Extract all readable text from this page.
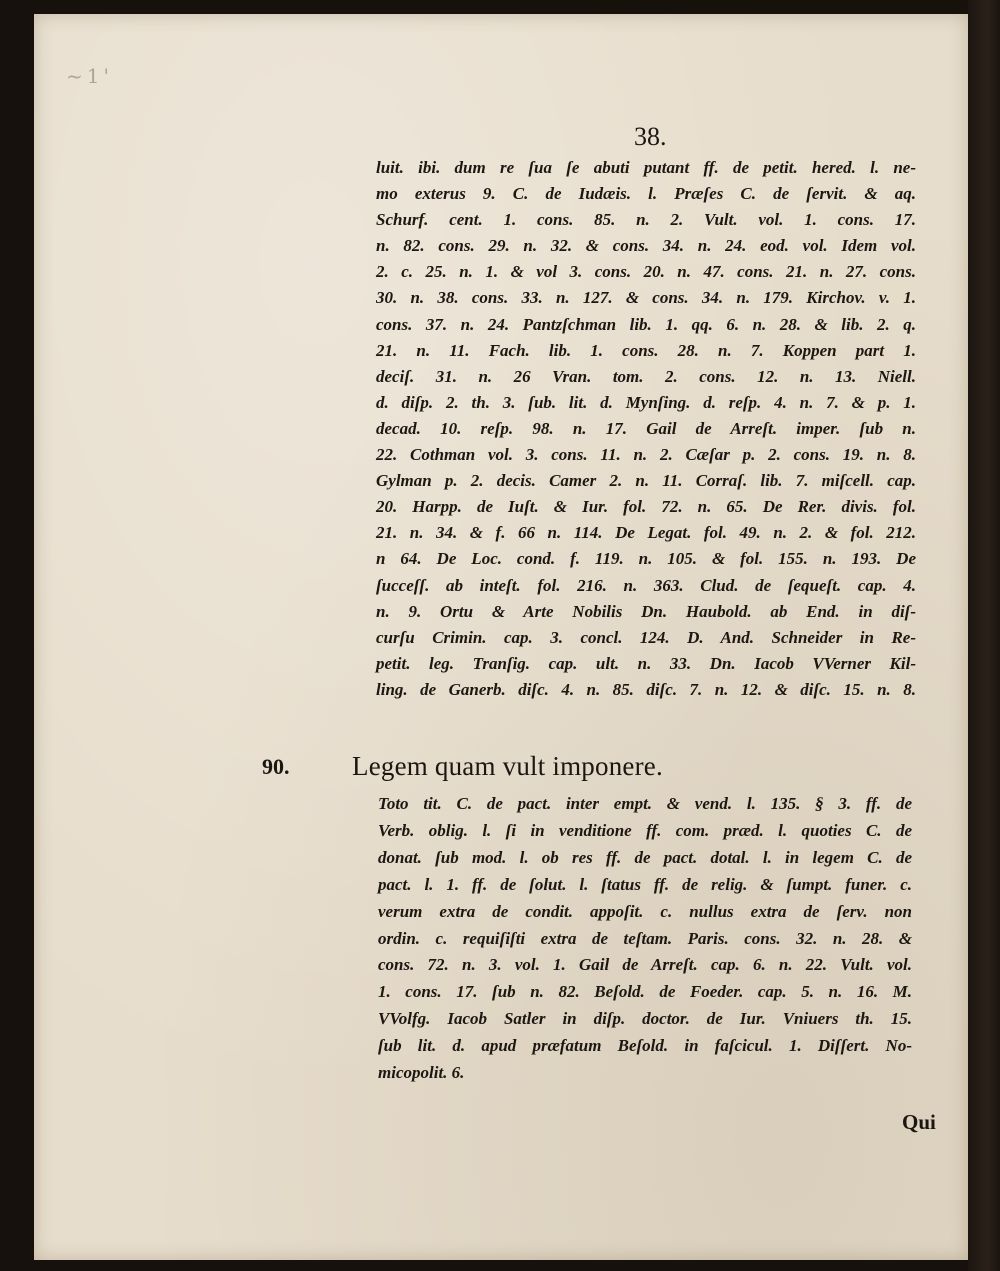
~1'
38.
luit. ibi. dum re ſua ſe abuti putant ff. de petit. hered. l. ne-
mo exterus 9. C. de Iudæis. l. Præſes C. de ſervit. & aq.
Schurf. cent. 1. cons. 85. n. 2. Vult. vol. 1. cons. 17.
n. 82. cons. 29. n. 32. & cons. 34. n. 24. eod. vol. Idem vol.
2. c. 25. n. 1. & vol 3. cons. 20. n. 47. cons. 21. n. 27. cons.
30. n. 38. cons. 33. n. 127. & cons. 34. n. 179. Kirchov. v. 1.
cons. 37. n. 24. Pantzſchman lib. 1. qq. 6. n. 28. & lib. 2. q.
21. n. 11. Fach. lib. 1. cons. 28. n. 7. Koppen part 1.
deciſ. 31. n. 26 Vran. tom. 2. cons. 12. n. 13. Niell.
d. diſp. 2. th. 3. ſub. lit. d. Mynſing. d. reſp. 4. n. 7. & p. 1.
decad. 10. reſp. 98. n. 17. Gail de Arreſt. imper. ſub n.
22. Cothman vol. 3. cons. 11. n. 2. Cæſar p. 2. cons. 19. n. 8.
Gylman p. 2. decis. Camer 2. n. 11. Corraſ. lib. 7. miſcell. cap.
20. Harpp. de Iuſt. & Iur. fol. 72. n. 65. De Rer. divis. fol.
21. n. 34. & f. 66 n. 114. De Legat. fol. 49. n. 2. & fol. 212.
n 64. De Loc. cond. f. 119. n. 105. & fol. 155. n. 193. De
ſucceſſ. ab inteſt. fol. 216. n. 363. Clud. de ſequeſt. cap. 4.
n. 9. Ortu & Arte Nobilis Dn. Haubold. ab End. in diſ-
curſu Crimin. cap. 3. concl. 124. D. And. Schneider in Re-
petit. leg. Tranſig. cap. ult. n. 33. Dn. Iacob VVerner Kil-
ling. de Ganerb. diſc. 4. n. 85. diſc. 7. n. 12. & diſc. 15. n. 8.
90. Legem quam vult imponere.
Toto tit. C. de pact. inter empt. & vend. l. 135. § 3. ff. de
Verb. oblig. l. ſi in venditione ff. com. præd. l. quoties C. de
donat. ſub mod. l. ob res ff. de pact. dotal. l. in legem C. de
pact. l. 1. ff. de ſolut. l. ſtatus ff. de relig. & ſumpt. funer. c.
verum extra de condit. appoſit. c. nullus extra de ſerv. non
ordin. c. requiſiſti extra de teſtam. Paris. cons. 32. n. 28. &
cons. 72. n. 3. vol. 1. Gail de Arreſt. cap. 6. n. 22. Vult. vol.
1. cons. 17. ſub n. 82. Beſold. de Foeder. cap. 5. n. 16. M.
VVolfg. Iacob Satler in diſp. doctor. de Iur. Vniuers th. 15.
ſub lit. d. apud præfatum Beſold. in faſcicul. 1. Diſſert. No-
micopolit. 6.
Qui
